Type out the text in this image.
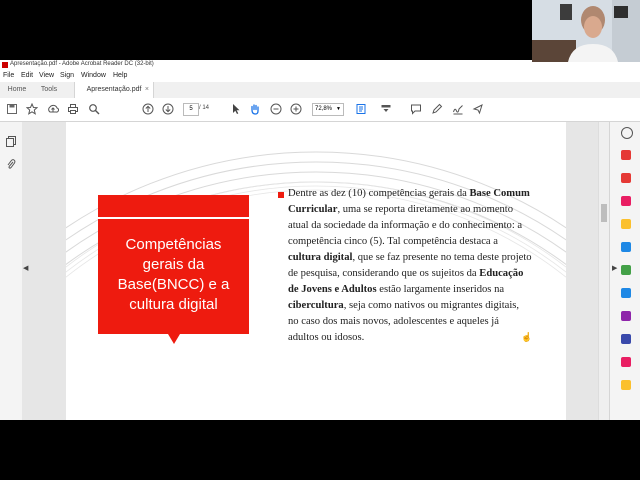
Apresentação.pdf - Adobe Acrobat Reader DC (32-bit)
File Edit View Sign Window Help
Home	Tools	Apresentação.pdf ×
5	/ 14	72,8% ▼
◀
Competências gerais da Base(BNCC) e a cultura digital
Dentre as dez (10) competências gerais da Base Comum Curricular, uma se reporta diretamente ao momento atual da sociedade da informação e do conhecimento: a competência cinco (5). Tal competência destaca a cultura digital, que se faz presente no tema deste projeto de pesquisa, considerando que os sujeitos da Educação de Jovens e Adultos estão largamente inseridos na cibercultura, seja como nativos ou migrantes digitais, no caso dos mais novos, adolescentes e aqueles já adultos ou idosos.	☝
▶
